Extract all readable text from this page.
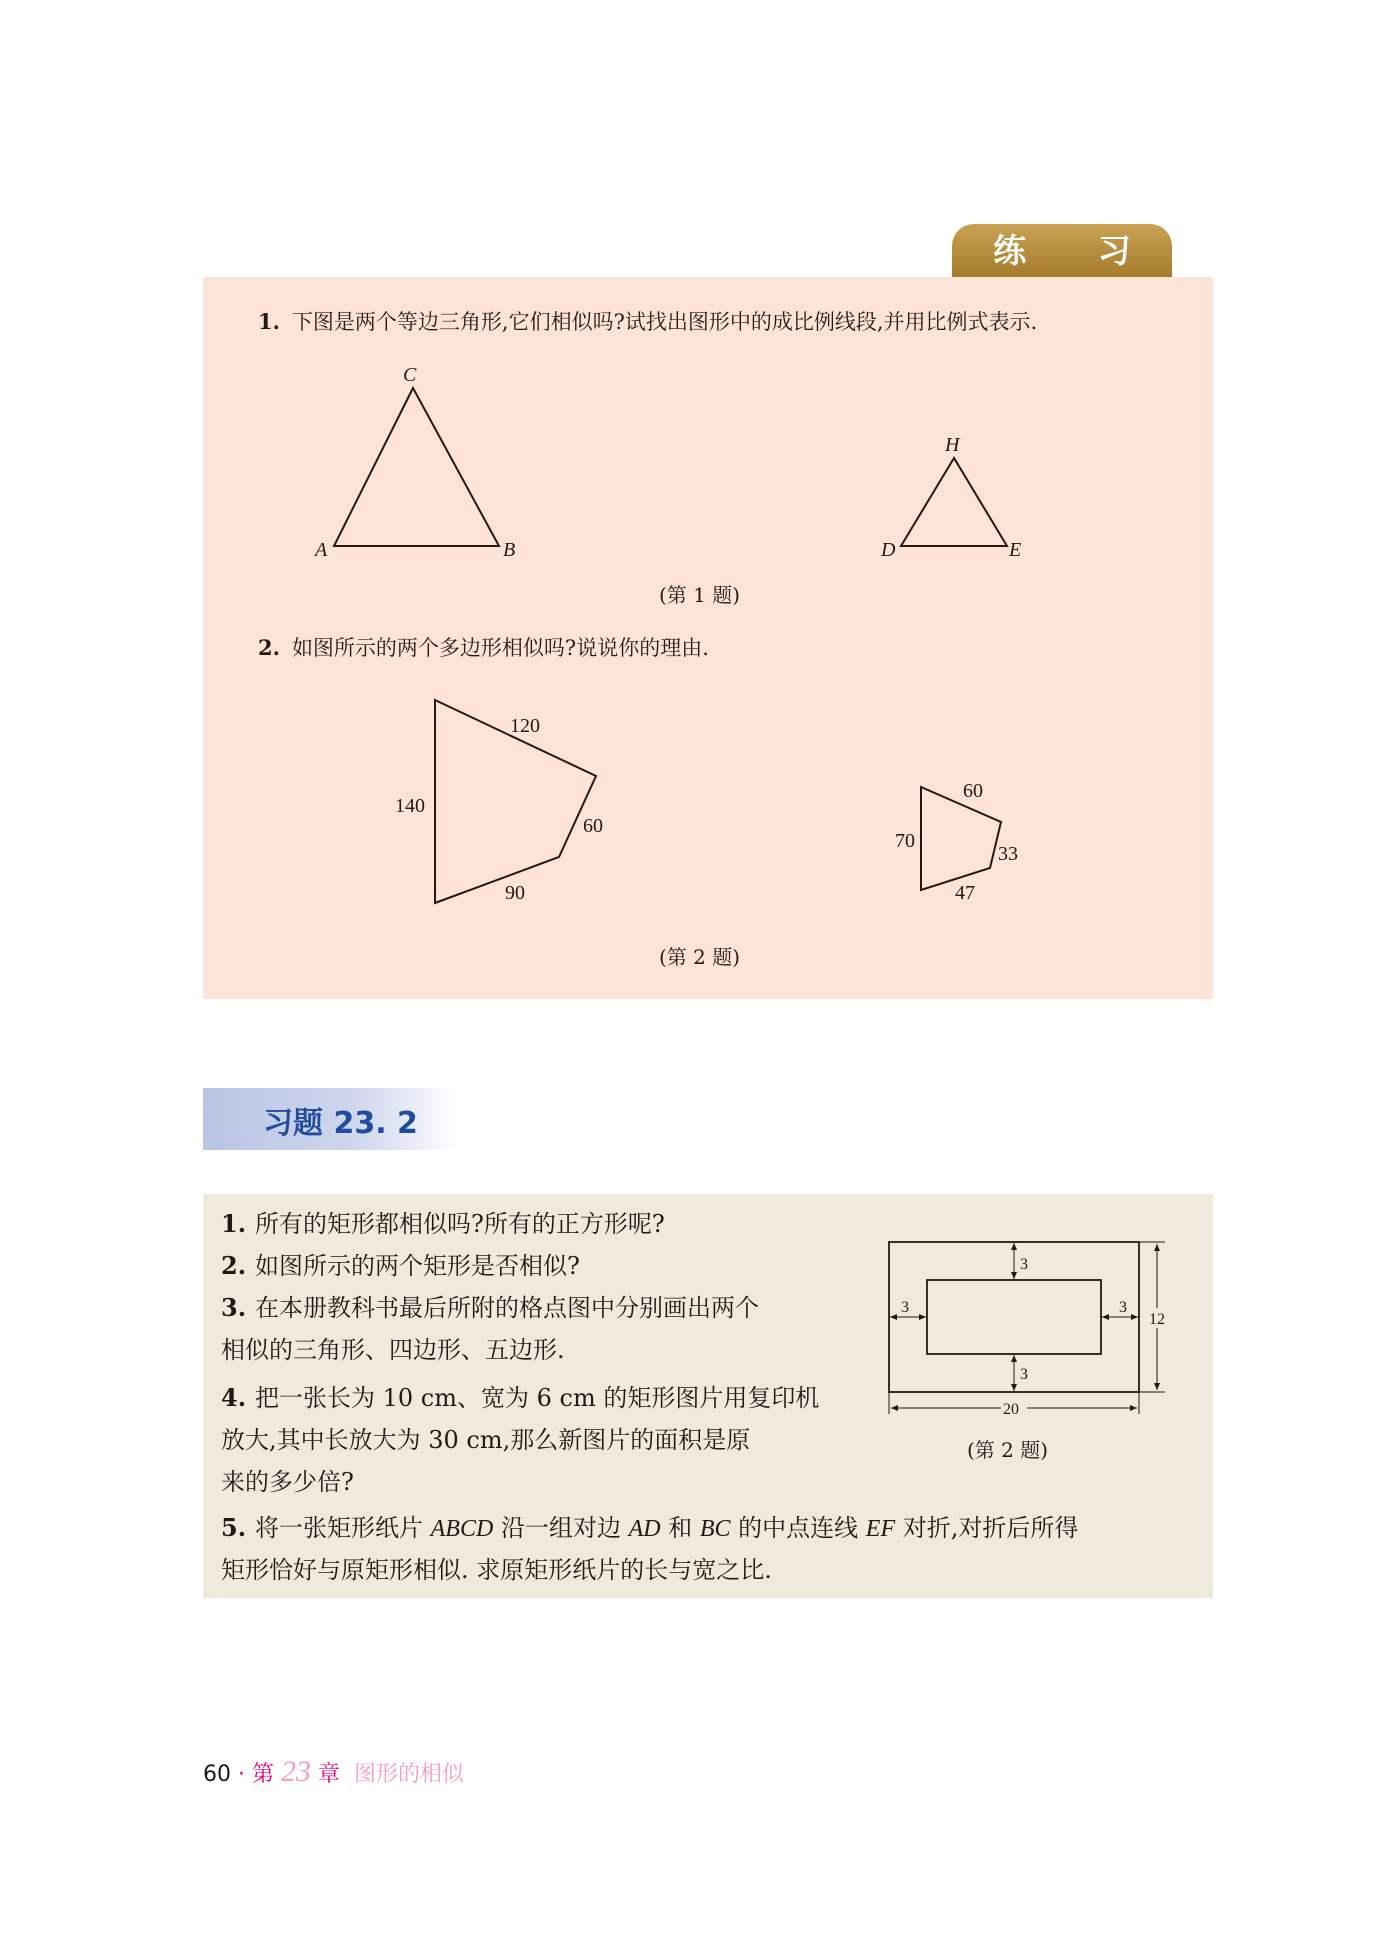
练 习
1. 下图是两个等边三角形,它们相似吗?试找出图形中的成比例线段,并用比例式表示.
C
A	B
H
D	E
120
140
60
90
60
70
33
47
(第 1 题)
2. 如图所示的两个多边形相似吗?说说你的理由.
(第 2 题)
习题 23. 2
1. 所有的矩形都相似吗?所有的正方形呢?
2. 如图所示的两个矩形是否相似?
3. 在本册教科书最后所附的格点图中分别画出两个
相似的三角形、四边形、五边形.
4. 把一张长为 10 cm、宽为 6 cm 的矩形图片用复印机
放大,其中长放大为 30 cm,那么新图片的面积是原
来的多少倍?
5. 将一张矩形纸片 ABCD 沿一组对边 AD 和 BC 的中点连线 EF 对折,对折后所得
矩形恰好与原矩形相似. 求原矩形纸片的长与宽之比.
3
3
3	3
12
20
(第 2 题)
60 · 第 23 章 图形的相似
